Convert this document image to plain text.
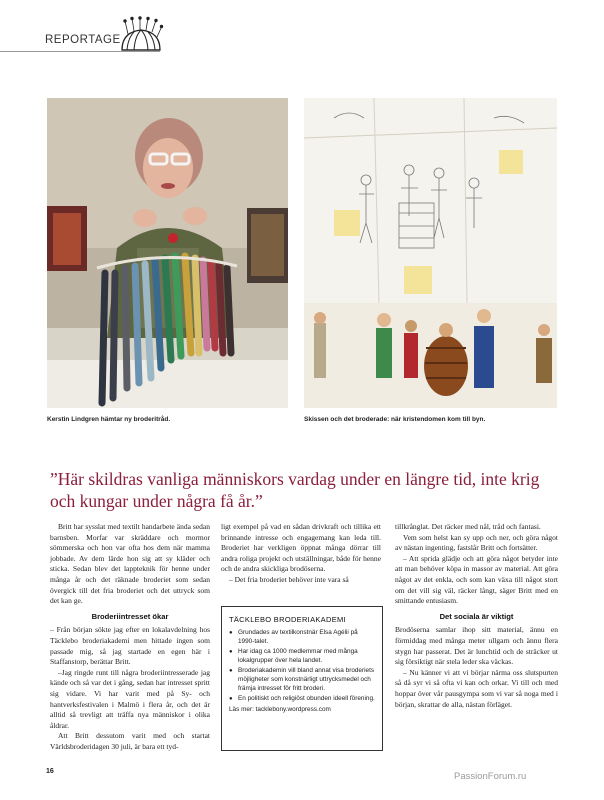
REPORTAGE
Kerstin Lindgren hämtar ny broderitråd.	Skissen och det broderade: när kristendomen kom till byn.
”Här skildras vanliga människors vardag under en längre tid, inte krig och kungar under några få år.”

Britt har sysslat med textilt handarbete ända sedan barnsben. Morfar var skräddare och mormor sömmerska och hon var ofta hos dem när mamma jobbade. Av dem lärde hon sig att sy kläder och sticka. Sedan blev det lappteknik för henne under många år och det räknade broderiet som sedan övergick till det fria broderiet och det uttryck som det kan ge.

Broderiintresset ökar

– Från början sökte jag efter en lokalavdelning hos Täcklebo broderiakademi men hittade ingen som passade mig, så jag startade en egen här i Staffanstorp, berättar Britt.

–Jag ringde runt till några broderiintresserade jag kände och så var det i gång, sedan har intresset spritt sig vidare. Vi har varit med på Sy- och hantverksfestivalen i Malmö i flera år, och det är alltid så trevligt att träffa nya människor i olika åldrar.

Att Britt dessutom varit med och startat Världsbroderidagen 30 juli, är bara ett tyd-

ligt exempel på vad en sådan drivkraft och tillika ett brinnande intresse och engagemang kan leda till. Broderiet har verkligen öppnat många dörrar till andra roliga projekt och utställningar, både för henne och de andra skickliga brodöserna.

– Det fria broderiet behöver inte vara så

TÄCKLEBO BRODERIAKADEMI
● Grundades av textilkonstnär Elsa Agélii på 1990-talet.
● Har idag ca 1000 medlemmar med många lokalgrupper över hela landet.
● Broderiakademin vill bland annat visa broderiets möjligheter som konstnärligt uttrycksmedel och främja intresset för fritt broderi.
● En politiskt och religiöst obunden ideell förening.
Läs mer: tacklebony.wordpress.com

tillkrånglat. Det räcker med nål, tråd och fantasi.

Vem som helst kan sy upp och ner, och göra något av nästan ingenting, fastslår Britt och fortsätter.

– Att sprida glädje och att göra något betyder inte att man behöver köpa in massor av material. Att göra något av det enkla, och som kan växa till något stort om det vill sig väl, räcker långt, säger Britt med en smittande entusiasm.

Det sociala är viktigt

Brodöserna samlar ihop sitt material, ännu en förmiddag med många meter ullgarn och ännu flera stygn har passerat. Det är lunchtid och de sträcker ut sig försiktigt när stela leder ska väckas.

– Nu känner vi att vi börjar närma oss slutspurten så då syr vi så ofta vi kan och orkar. Vi till och med hoppar över vår pausgympa som vi var så noga med i början, skrattar de alla, nästan förläget.

16	PassionForum.ru
